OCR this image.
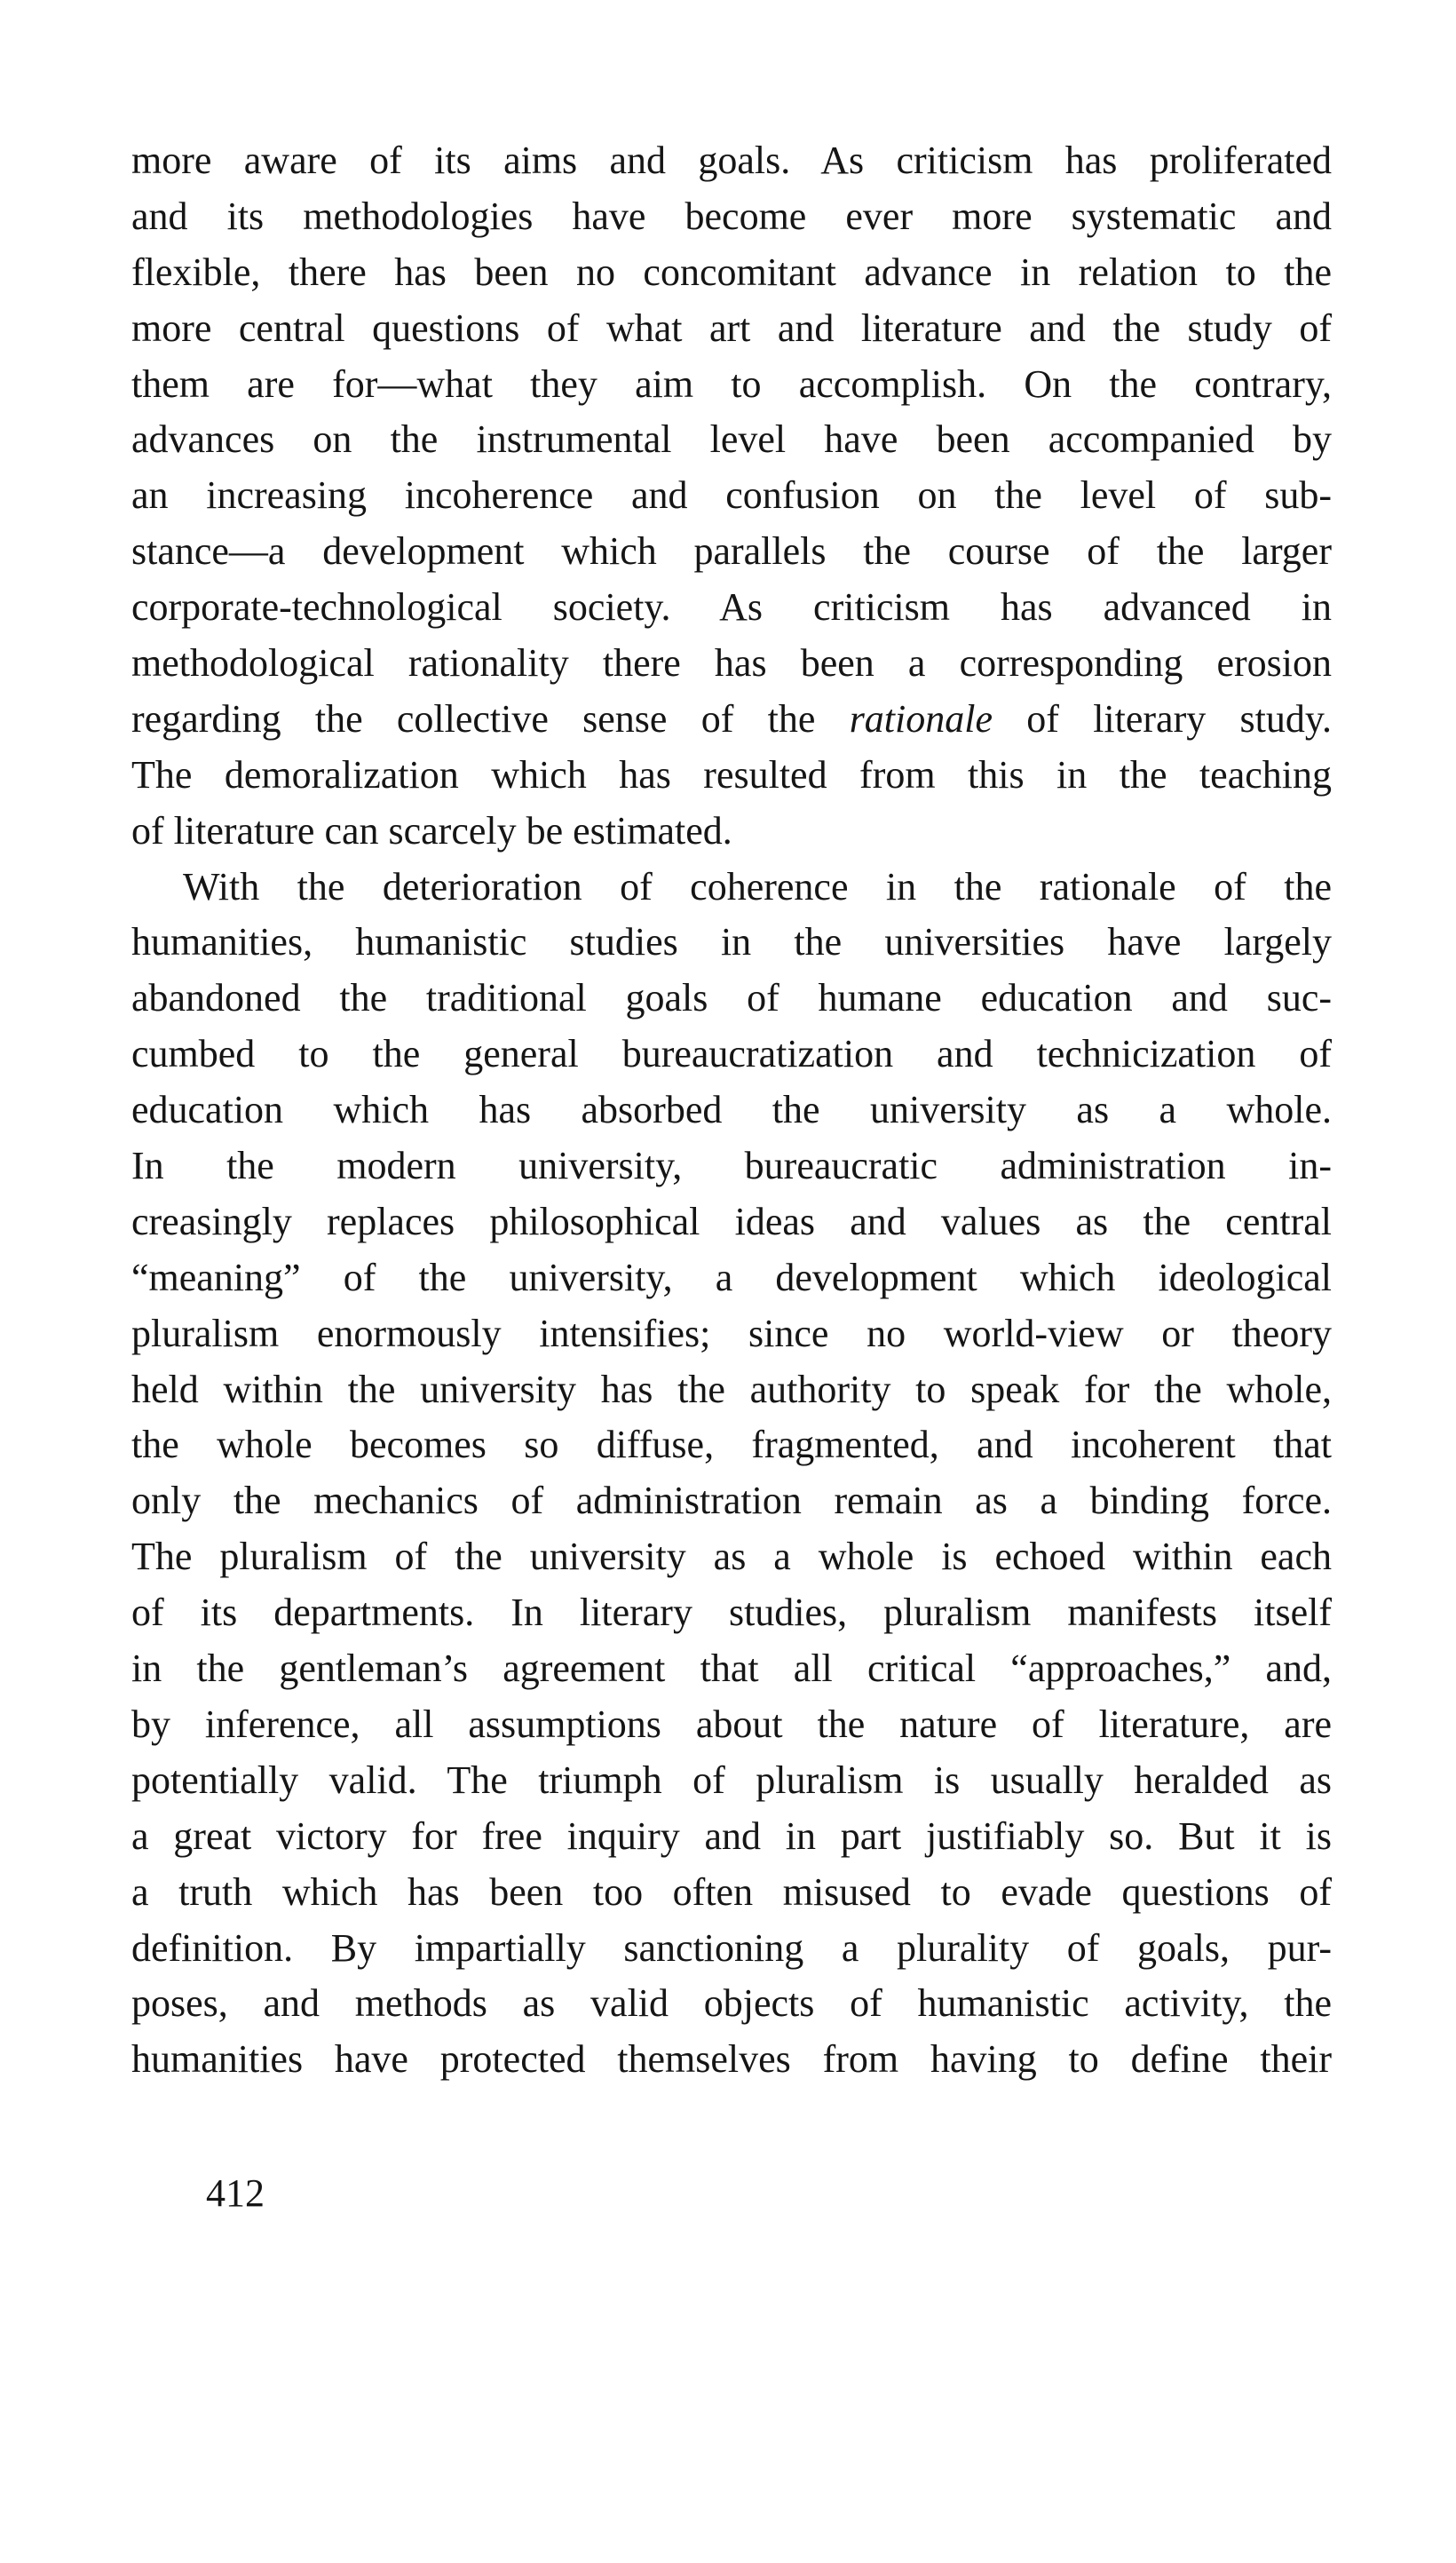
more aware of its aims and goals. As criticism has proliferated
and its methodologies have become ever more systematic and
flexible, there has been no concomitant advance in relation to the
more central questions of what art and literature and the study of
them are for—what they aim to accomplish. On the contrary,
advances on the instrumental level have been accompanied by
an increasing incoherence and confusion on the level of sub-
stance—a development which parallels the course of the larger
corporate-technological society. As criticism has advanced in
methodological rationality there has been a corresponding erosion
regarding the collective sense of the rationale of literary study.
The demoralization which has resulted from this in the teaching
of literature can scarcely be estimated.
With the deterioration of coherence in the rationale of the
humanities, humanistic studies in the universities have largely
abandoned the traditional goals of humane education and suc-
cumbed to the general bureaucratization and technicization of
education which has absorbed the university as a whole.
In the modern university, bureaucratic administration in-
creasingly replaces philosophical ideas and values as the central
“meaning” of the university, a development which ideological
pluralism enormously intensifies; since no world-view or theory
held within the university has the authority to speak for the whole,
the whole becomes so diffuse, fragmented, and incoherent that
only the mechanics of administration remain as a binding force.
The pluralism of the university as a whole is echoed within each
of its departments. In literary studies, pluralism manifests itself
in the gentleman’s agreement that all critical “approaches,” and,
by inference, all assumptions about the nature of literature, are
potentially valid. The triumph of pluralism is usually heralded as
a great victory for free inquiry and in part justifiably so. But it is
a truth which has been too often misused to evade questions of
definition. By impartially sanctioning a plurality of goals, pur-
poses, and methods as valid objects of humanistic activity, the
humanities have protected themselves from having to define their
412
